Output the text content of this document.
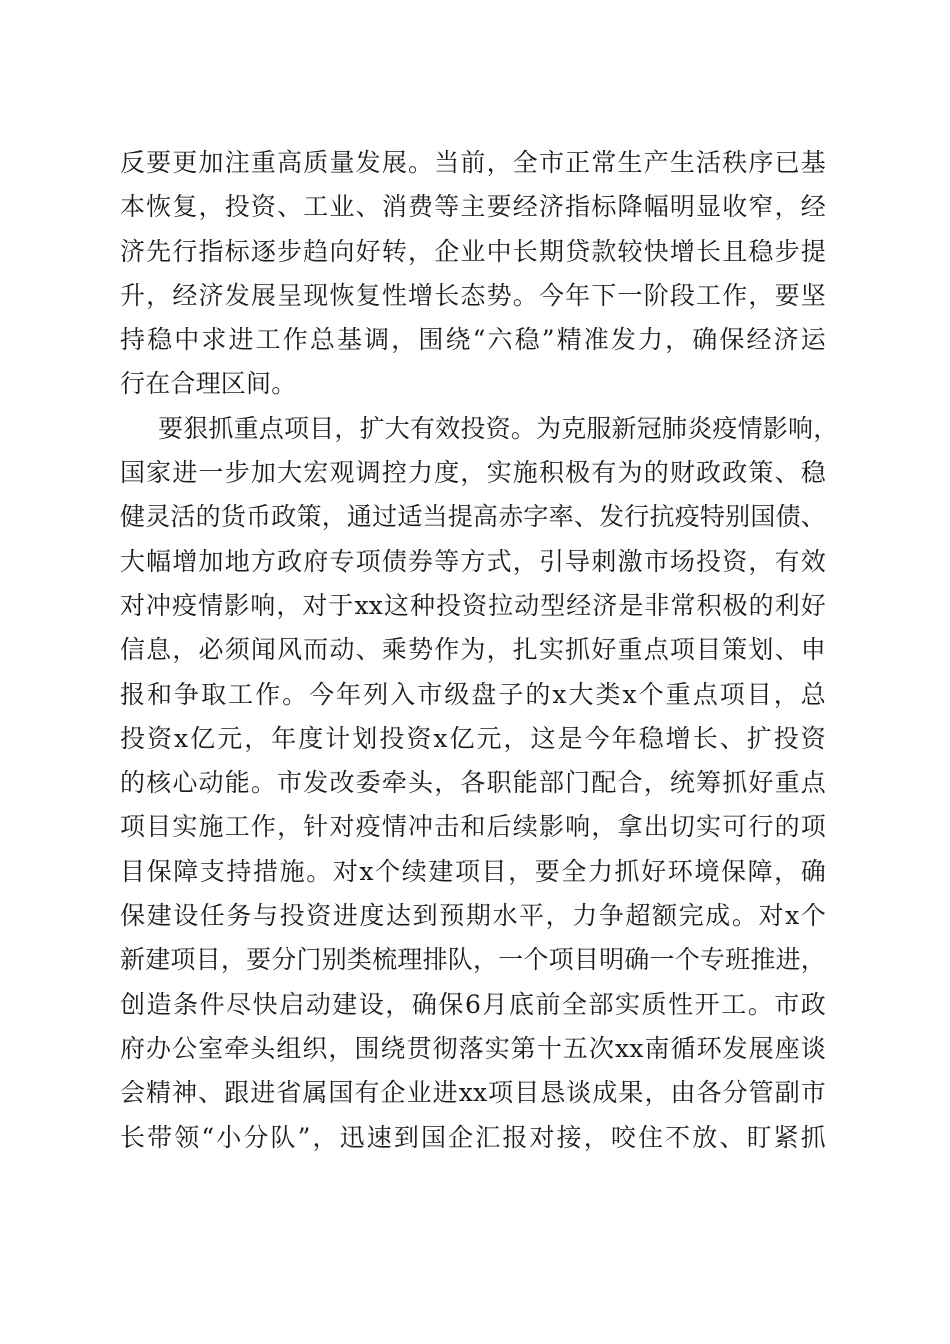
反要更加注重高质量发展。当前，全市正常生产生活秩序已基
本恢复，投资、工业、消费等主要经济指标降幅明显收窄，经
济先行指标逐步趋向好转，企业中长期贷款较快增长且稳步提
升，经济发展呈现恢复性增长态势。今年下一阶段工作，要坚
持稳中求进工作总基调，围绕“六稳”精准发力，确保经济运
行在合理区间。
要狠抓重点项目，扩大有效投资。为克服新冠肺炎疫情影响，
国家进一步加大宏观调控力度，实施积极有为的财政政策、稳
健灵活的货币政策，通过适当提高赤字率、发行抗疫特别国债、
大幅增加地方政府专项债券等方式，引导刺激市场投资，有效
对冲疫情影响，对于xx这种投资拉动型经济是非常积极的利好
信息，必须闻风而动、乘势作为，扎实抓好重点项目策划、申
报和争取工作。今年列入市级盘子的x大类x个重点项目，总
投资x亿元，年度计划投资x亿元，这是今年稳增长、扩投资
的核心动能。市发改委牵头，各职能部门配合，统筹抓好重点
项目实施工作，针对疫情冲击和后续影响，拿出切实可行的项
目保障支持措施。对x个续建项目，要全力抓好环境保障，确
保建设任务与投资进度达到预期水平，力争超额完成。对x个
新建项目，要分门别类梳理排队，一个项目明确一个专班推进，
创造条件尽快启动建设，确保6月底前全部实质性开工。市政
府办公室牵头组织，围绕贯彻落实第十五次xx南循环发展座谈
会精神、跟进省属国有企业进xx项目恳谈成果，由各分管副市
长带领“小分队”，迅速到国企汇报对接，咬住不放、盯紧抓
